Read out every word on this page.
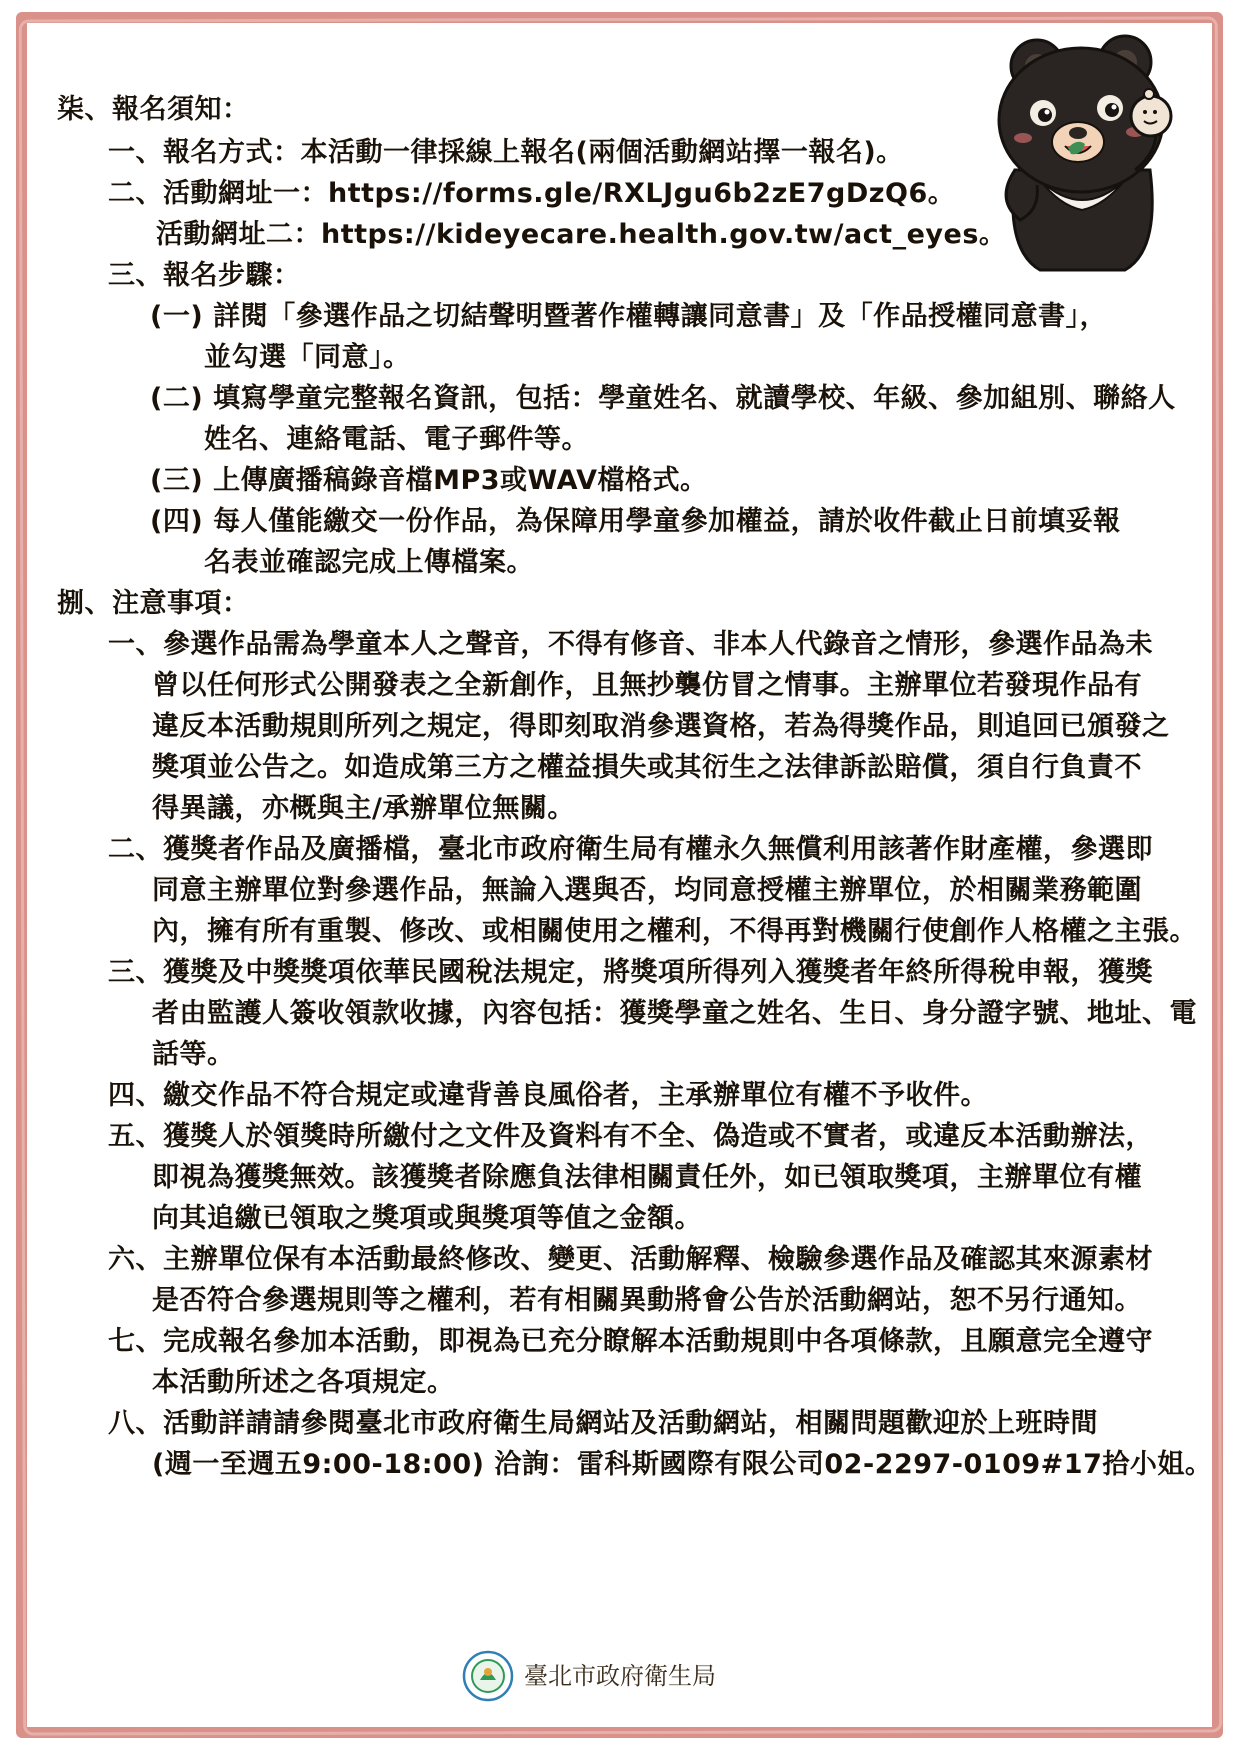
柒、報名須知：
一、報名方式：本活動一律採線上報名(兩個活動網站擇一報名)。
二、活動網址一：https://forms.gle/RXLJgu6b2zE7gDzQ6。
活動網址二：https://kideyecare.health.gov.tw/act_eyes。
三、報名步驟：
(一) 詳閱「參選作品之切結聲明暨著作權轉讓同意書」及「作品授權同意書」，
並勾選「同意」。
(二) 填寫學童完整報名資訊，包括：學童姓名、就讀學校、年級、參加組別、聯絡人
姓名、連絡電話、電子郵件等。
(三) 上傳廣播稿錄音檔MP3或WAV檔格式。
(四) 每人僅能繳交一份作品，為保障用學童參加權益，請於收件截止日前填妥報
名表並確認完成上傳檔案。
捌、注意事項：
一、參選作品需為學童本人之聲音，不得有修音、非本人代錄音之情形，參選作品為未
曾以任何形式公開發表之全新創作，且無抄襲仿冒之情事。主辦單位若發現作品有
違反本活動規則所列之規定，得即刻取消參選資格，若為得獎作品，則追回已頒發之
獎項並公告之。如造成第三方之權益損失或其衍生之法律訴訟賠償，須自行負責不
得異議，亦概與主/承辦單位無關。
二、獲獎者作品及廣播檔，臺北市政府衛生局有權永久無償利用該著作財產權，參選即
同意主辦單位對參選作品，無論入選與否，均同意授權主辦單位，於相關業務範圍
內，擁有所有重製、修改、或相關使用之權利，不得再對機關行使創作人格權之主張。
三、獲獎及中獎獎項依華民國稅法規定，將獎項所得列入獲獎者年終所得稅申報，獲獎
者由監護人簽收領款收據，內容包括：獲獎學童之姓名、生日、身分證字號、地址、電
話等。
四、繳交作品不符合規定或違背善良風俗者，主承辦單位有權不予收件。
五、獲獎人於領獎時所繳付之文件及資料有不全、偽造或不實者，或違反本活動辦法，
即視為獲獎無效。該獲獎者除應負法律相關責任外，如已領取獎項，主辦單位有權
向其追繳已領取之獎項或與獎項等值之金額。
六、主辦單位保有本活動最終修改、變更、活動解釋、檢驗參選作品及確認其來源素材
是否符合參選規則等之權利，若有相關異動將會公告於活動網站，恕不另行通知。
七、完成報名參加本活動，即視為已充分瞭解本活動規則中各項條款，且願意完全遵守
本活動所述之各項規定。
八、活動詳請請參閱臺北市政府衛生局網站及活動網站，相關問題歡迎於上班時間
(週一至週五9:00-18:00) 洽詢：雷科斯國際有限公司02-2297-0109#17拾小姐。
臺北市政府衛生局
